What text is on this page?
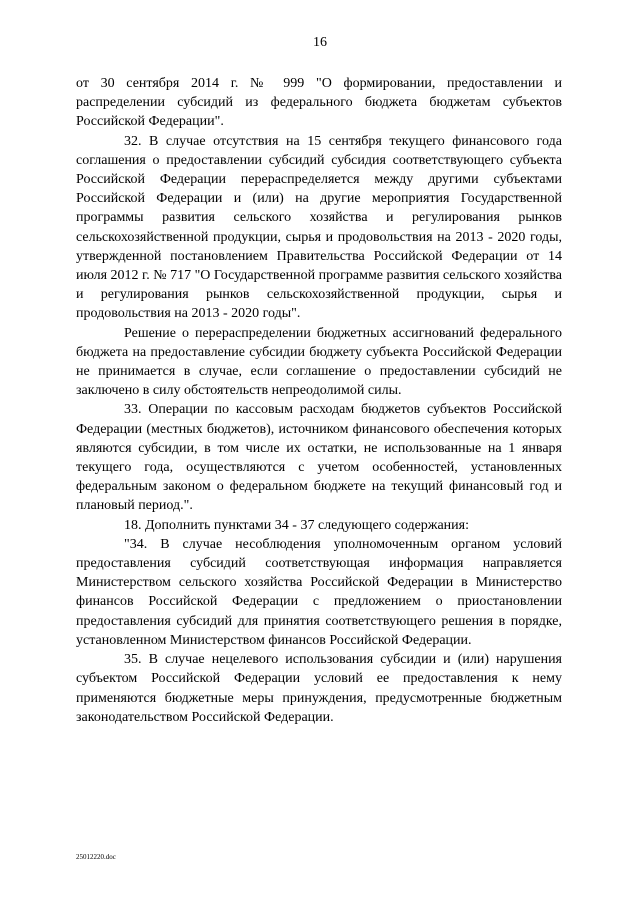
16

от 30 сентября 2014 г. № 999 "О формировании, предоставлении и распределении субсидий из федерального бюджета бюджетам субъектов Российской Федерации".

32. В случае отсутствия на 15 сентября текущего финансового года соглашения о предоставлении субсидий субсидия соответствующего субъекта Российской Федерации перераспределяется между другими субъектами Российской Федерации и (или) на другие мероприятия Государственной программы развития сельского хозяйства и регулирования рынков сельскохозяйственной продукции, сырья и продовольствия на 2013 - 2020 годы, утвержденной постановлением Правительства Российской Федерации от 14 июля 2012 г. № 717 "О Государственной программе развития сельского хозяйства и регулирования рынков сельскохозяйственной продукции, сырья и продовольствия на 2013 - 2020 годы".

Решение о перераспределении бюджетных ассигнований федерального бюджета на предоставление субсидии бюджету субъекта Российской Федерации не принимается в случае, если соглашение о предоставлении субсидий не заключено в силу обстоятельств непреодолимой силы.

33. Операции по кассовым расходам бюджетов субъектов Российской Федерации (местных бюджетов), источником финансового обеспечения которых являются субсидии, в том числе их остатки, не использованные на 1 января текущего года, осуществляются с учетом особенностей, установленных федеральным законом о федеральном бюджете на текущий финансовый год и плановый период.".

18. Дополнить пунктами 34 - 37 следующего содержания:

"34. В случае несоблюдения уполномоченным органом условий предоставления субсидий соответствующая информация направляется Министерством сельского хозяйства Российской Федерации в Министерство финансов Российской Федерации с предложением о приостановлении предоставления субсидий для принятия соответствующего решения в порядке, установленном Министерством финансов Российской Федерации.

35. В случае нецелевого использования субсидии и (или) нарушения субъектом Российской Федерации условий ее предоставления к нему применяются бюджетные меры принуждения, предусмотренные бюджетным законодательством Российской Федерации.

25012220.doc
